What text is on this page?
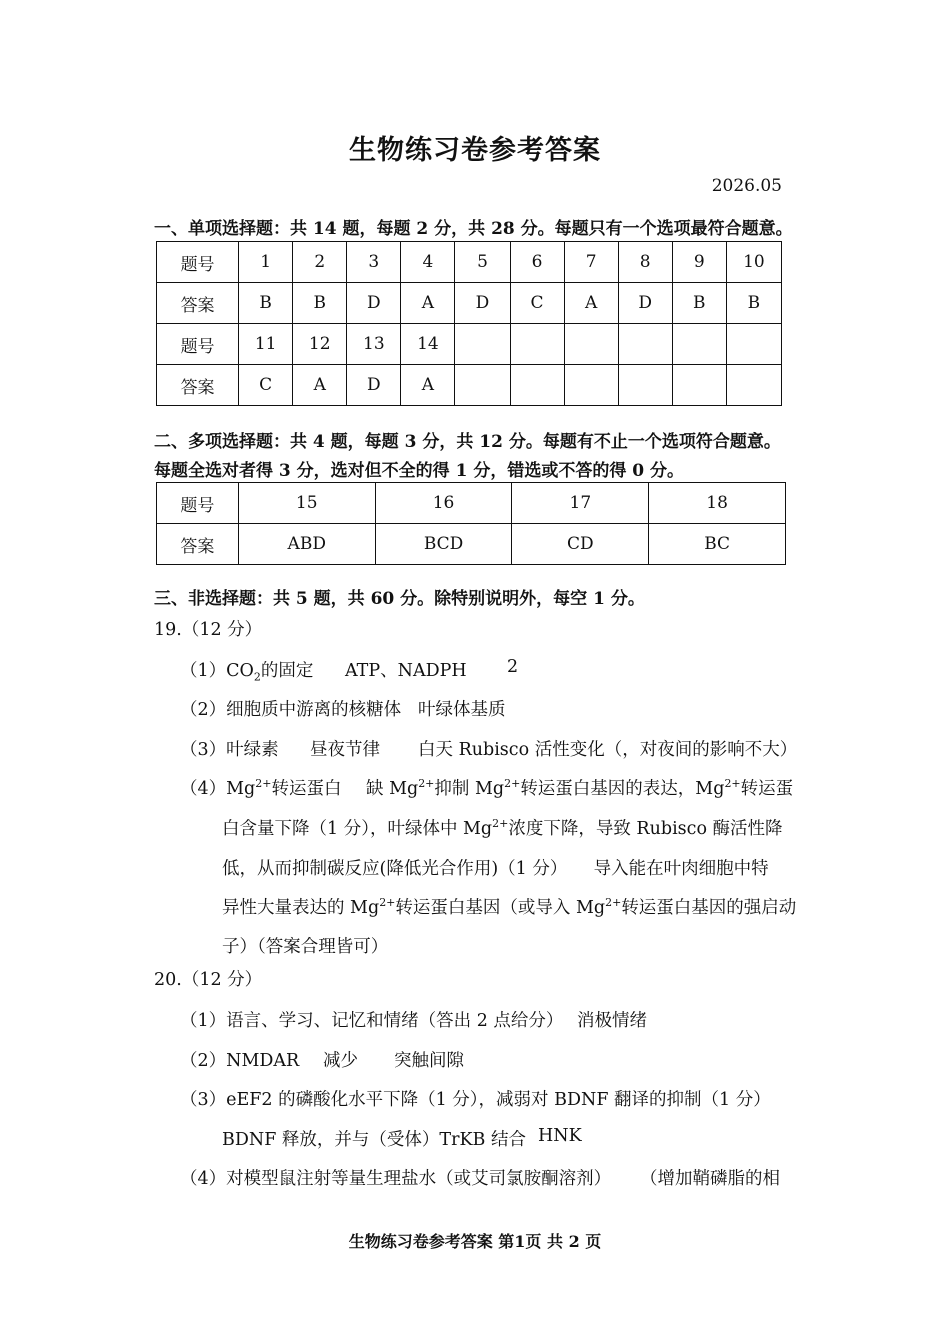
生物练习卷参考答案
2026.05
一、单项选择题：共 14 题，每题 2 分，共 28 分。每题只有一个选项最符合题意。
题号	1	2	3	4	5	6	7	8	9	10
答案	B	B	D	A	D	C	A	D	B	B
题号	11	12	13	14						
答案	C	A	D	A						
二、多项选择题：共 4 题，每题 3 分，共 12 分。每题有不止一个选项符合题意。
每题全选对者得 3 分，选对但不全的得 1 分，错选或不答的得 0 分。
题号	15	16	17	18
答案	ABD	BCD	CD	BC
三、非选择题：共 5 题，共 60 分。除特别说明外，每空 1 分。
19.（12 分）
$(1)CO_2$的固定 ATP、NADPH 2
（2）细胞质中游离的核糖体 叶绿体基质
（3）叶绿素 昼夜节律 白天 Rubisco 活性变化（，对夜间的影响不大）
$(4)Mg^{2+}$转运蛋白 缺 $Mg^{2+}$抑制 $Mg^{2+}$转运蛋白基因的表达，$Mg^{2+}$转运蛋
白含量下降（1 分），叶绿体中 $Mg^{2+}$浓度下降，导致 Rubisco 酶活性降
低，从而抑制碳反应(降低光合作用)（1 分）　　导入能在叶肉细胞中特
异性大量表达的 $Mg^{2+}$转运蛋白基因（或导入 $Mg^{2+}$转运蛋白基因的强启动
子）（答案合理皆可）
20.（12 分）
（1）语言、学习、记忆和情绪（答出 2 点给分） 消极情绪
（2）NMDAR 减少 突触间隙
（3）eEF2 的磷酸化水平下降（1 分），减弱对 BDNF 翻译的抑制（1 分）
BDNF 释放，并与（受体）TrKB 结合 HNK
（4）对模型鼠注射等量生理盐水（或艾司氯胺酮溶剂） （增加鞘磷脂的相
生物练习卷参考答案 第1页 共 2 页
